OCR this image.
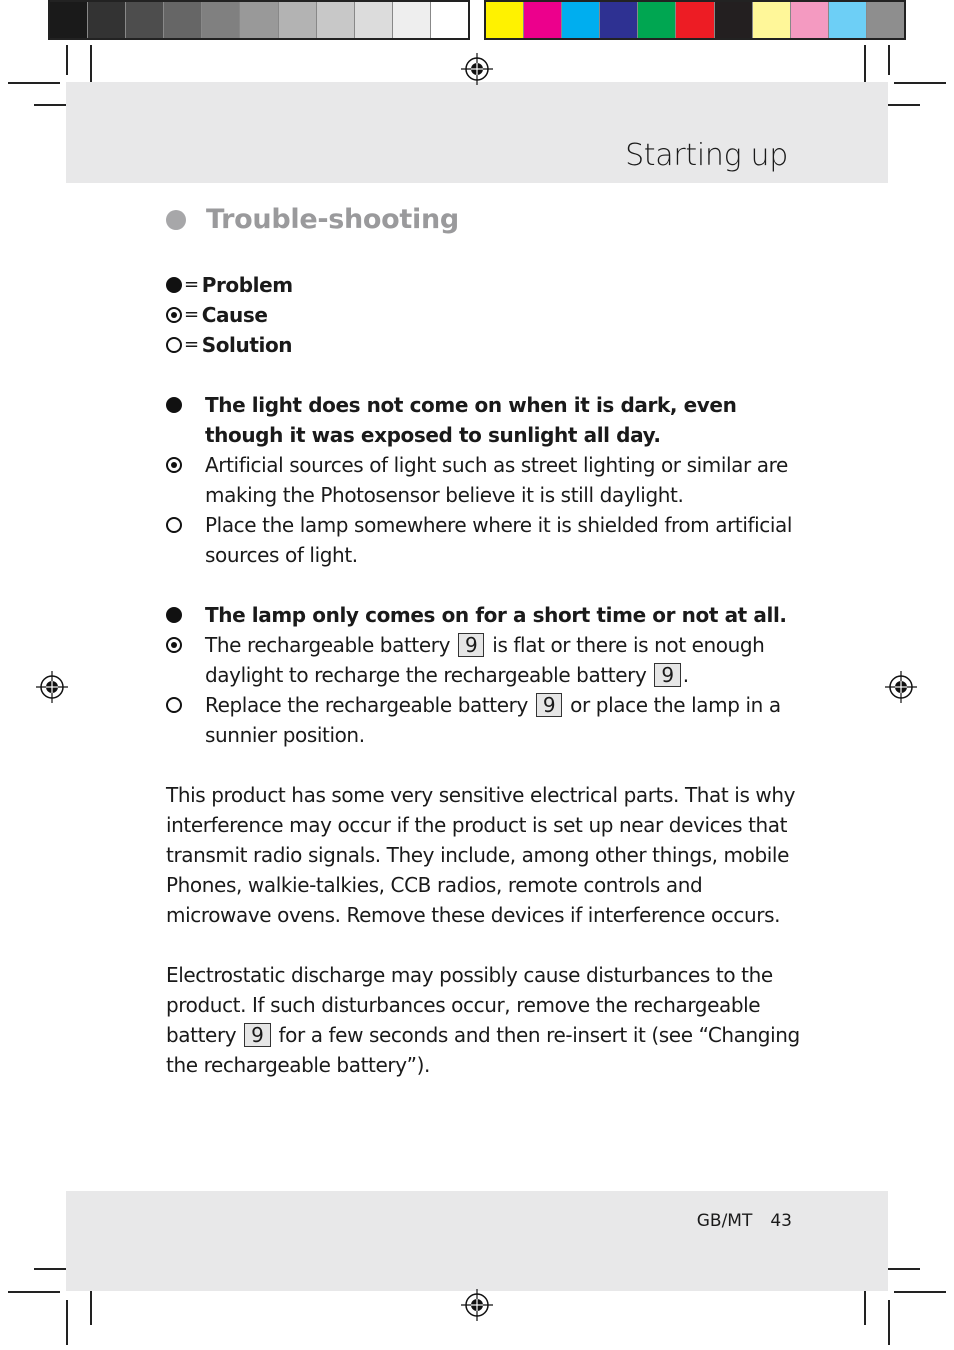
Starting up
Trouble-shooting
= Problem
= Cause
= Solution
The light does not come on when it is dark, even though it was exposed to sunlight all day.
Artificial sources of light such as street lighting or similar are making the Photosensor believe it is still daylight.
Place the lamp somewhere where it is shielded from artificial sources of light.
The lamp only comes on for a short time or not at all.
The rechargeable battery 9 is flat or there is not enough daylight to recharge the rechargeable battery 9 .
Replace the rechargeable battery 9 or place the lamp in a sunnier position.

This product has some very sensitive electrical parts. That is why interference may occur if the product is set up near devices that transmit radio signals. They include, among other things, mobile Phones, walkie-talkies, CCB radios, remote controls and microwave ovens. Remove these devices if interference occurs.

Electrostatic discharge may possibly cause disturbances to the product. If such disturbances occur, remove the rechargeable battery 9 for a few seconds and then re-insert it (see “Changing the rechargeable battery”).

GB/MT 43
